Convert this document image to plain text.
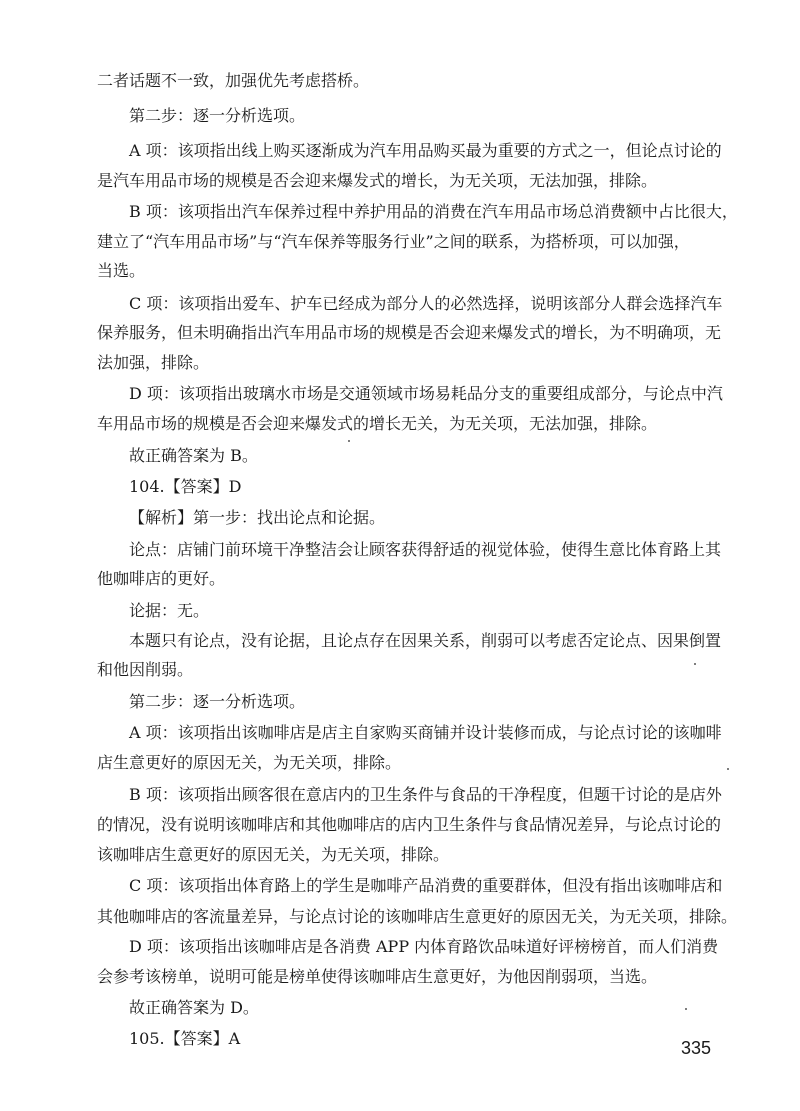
二者话题不一致，加强优先考虑搭桥。
第二步：逐一分析选项。
A 项：该项指出线上购买逐渐成为汽车用品购买最为重要的方式之一，但论点讨论的
是汽车用品市场的规模是否会迎来爆发式的增长，为无关项，无法加强，排除。
B 项：该项指出汽车保养过程中养护用品的消费在汽车用品市场总消费额中占比很大，
建立了“汽车用品市场”与“汽车保养等服务行业”之间的联系，为搭桥项，可以加强，
当选。
C 项：该项指出爱车、护车已经成为部分人的必然选择，说明该部分人群会选择汽车
保养服务，但未明确指出汽车用品市场的规模是否会迎来爆发式的增长，为不明确项，无
法加强，排除。
D 项：该项指出玻璃水市场是交通领域市场易耗品分支的重要组成部分，与论点中汽
车用品市场的规模是否会迎来爆发式的增长无关，为无关项，无法加强，排除。
故正确答案为 B。
104.【答案】D
【解析】第一步：找出论点和论据。
论点：店铺门前环境干净整洁会让顾客获得舒适的视觉体验，使得生意比体育路上其
他咖啡店的更好。
论据：无。
本题只有论点，没有论据，且论点存在因果关系，削弱可以考虑否定论点、因果倒置
和他因削弱。
第二步：逐一分析选项。
A 项：该项指出该咖啡店是店主自家购买商铺并设计装修而成，与论点讨论的该咖啡
店生意更好的原因无关，为无关项，排除。
B 项：该项指出顾客很在意店内的卫生条件与食品的干净程度，但题干讨论的是店外
的情况，没有说明该咖啡店和其他咖啡店的店内卫生条件与食品情况差异，与论点讨论的
该咖啡店生意更好的原因无关，为无关项，排除。
C 项：该项指出体育路上的学生是咖啡产品消费的重要群体，但没有指出该咖啡店和
其他咖啡店的客流量差异，与论点讨论的该咖啡店生意更好的原因无关，为无关项，排除。
D 项：该项指出该咖啡店是各消费 APP 内体育路饮品味道好评榜榜首，而人们消费
会参考该榜单，说明可能是榜单使得该咖啡店生意更好，为他因削弱项，当选。
故正确答案为 D。
105.【答案】A	335
